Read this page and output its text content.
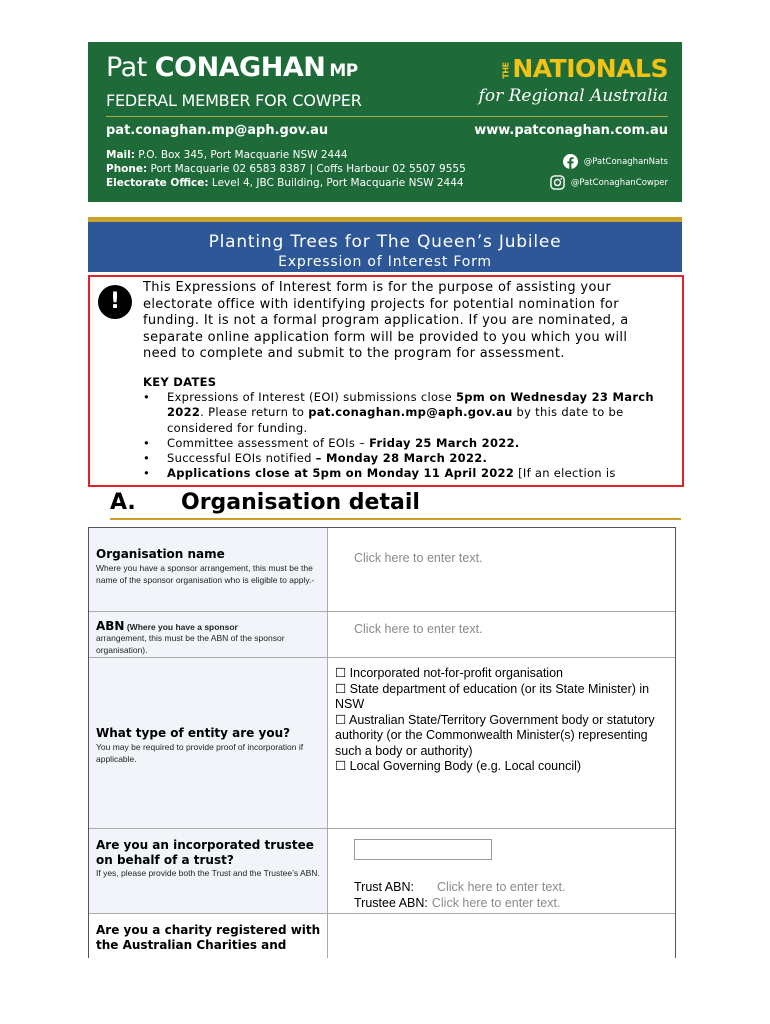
Pat CONAGHAN MP
FEDERAL MEMBER FOR COWPER
THENATIONALS
for Regional Australia
pat.conaghan.mp@aph.gov.au	www.patconaghan.com.au
Mail: P.O. Box 345, Port Macquarie NSW 2444
Phone: Port Macquarie 02 6583 8387 | Coffs Harbour 02 5507 9555
Electorate Office: Level 4, JBC Building, Port Macquarie NSW 2444
@PatConaghanNats
@PatConaghanCowper
Planting Trees for The Queen’s Jubilee
Expression of Interest Form
!
This Expressions of Interest form is for the purpose of assisting your electorate office with identifying projects for potential nomination for funding. It is not a formal program application. If you are nominated, a separate online application form will be provided to you which you will need to complete and submit to the program for assessment.
KEY DATES
• Expressions of Interest (EOI) submissions close 5pm on Wednesday 23 March 2022. Please return to pat.conaghan.mp@aph.gov.au by this date to be considered for funding.
• Committee assessment of EOIs – Friday 25 March 2022.
• Successful EOIs notified – Monday 28 March 2022.
• Applications close at 5pm on Monday 11 April 2022 [If an election is
A. Organisation detail
Organisation name
Where you have a sponsor arrangement, this must be the name of the sponsor organisation who is eligible to apply.-
Click here to enter text.
ABN (Where you have a sponsor
arrangement, this must be the ABN of the sponsor organisation).
Click here to enter text.
What type of entity are you?
You may be required to provide proof of incorporation if applicable.
☐ Incorporated not-for-profit organisation
☐ State department of education (or its State Minister) in NSW
☐ Australian State/Territory Government body or statutory authority (or the Commonwealth Minister(s) representing such a body or authority)
☐ Local Governing Body (e.g. Local council)
Are you an incorporated trustee on behalf of a trust?
If yes, please provide both the Trust and the Trustee’s ABN.
Trust ABN: Click here to enter text.
Trustee ABN: Click here to enter text.
Are you a charity registered with the Australian Charities and
